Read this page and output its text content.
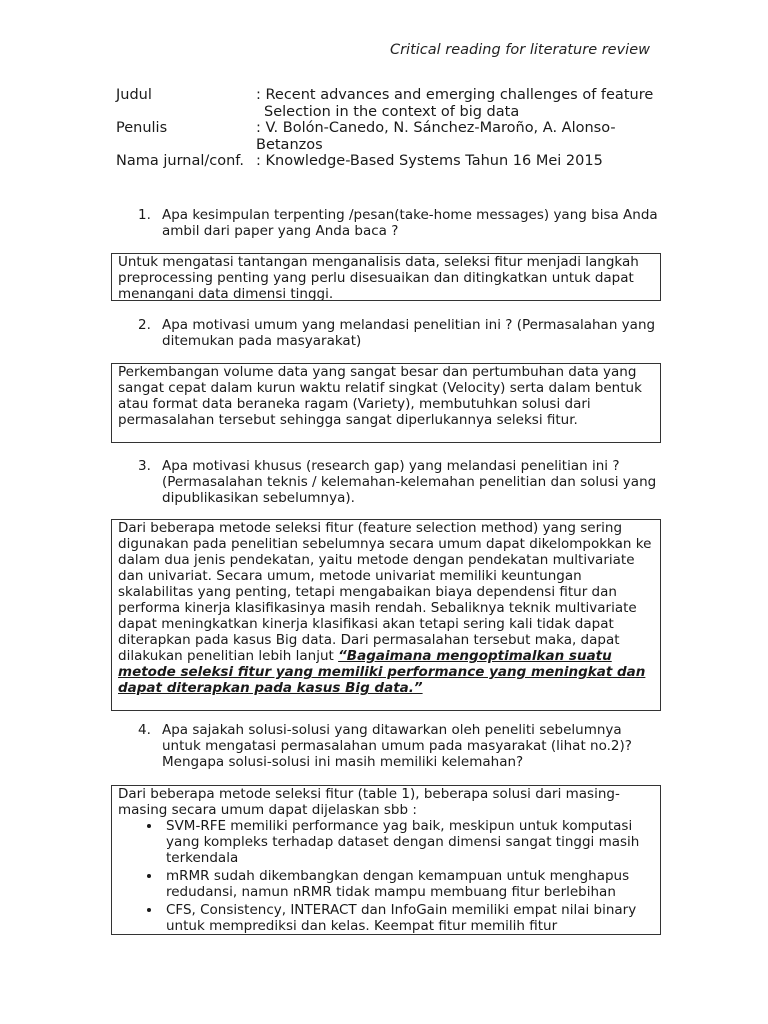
Critical reading for literature review
Judul	: Recent advances and emerging challenges of feature
Selection in the context of big data
Penulis	: V. Bolón-Canedo, N. Sánchez-Maroño, A. Alonso-Betanzos
Nama jurnal/conf. : Knowledge-Based Systems Tahun 16 Mei 2015
1. Apa kesimpulan terpenting /pesan(take-home messages) yang bisa Anda ambil dari paper yang Anda baca ?
Untuk mengatasi tantangan menganalisis data, seleksi fitur menjadi langkah preprocessing penting yang perlu disesuaikan dan ditingkatkan untuk dapat menangani data dimensi tinggi.
2. Apa motivasi umum yang melandasi penelitian ini ? (Permasalahan yang ditemukan pada masyarakat)
Perkembangan volume data yang sangat besar dan pertumbuhan data yang sangat cepat dalam kurun waktu relatif singkat (Velocity) serta dalam bentuk atau format data beraneka ragam (Variety), membutuhkan solusi dari permasalahan tersebut sehingga sangat diperlukannya seleksi fitur.
3. Apa motivasi khusus (research gap) yang melandasi penelitian ini ? (Permasalahan teknis / kelemahan-kelemahan penelitian dan solusi yang dipublikasikan sebelumnya).
Dari beberapa metode seleksi fitur (feature selection method) yang sering digunakan pada penelitian sebelumnya secara umum dapat dikelompokkan ke dalam dua jenis pendekatan, yaitu metode dengan pendekatan multivariate dan univariat. Secara umum, metode univariat memiliki keuntungan skalabilitas yang penting, tetapi mengabaikan biaya dependensi fitur dan performa kinerja klasifikasinya masih rendah. Sebaliknya teknik multivariate dapat meningkatkan kinerja klasifikasi akan tetapi sering kali tidak dapat diterapkan pada kasus Big data. Dari permasalahan tersebut maka, dapat dilakukan penelitian lebih lanjut “Bagaimana mengoptimalkan suatu metode seleksi fitur yang memiliki performance yang meningkat dan dapat diterapkan pada kasus Big data.”
4. Apa sajakah solusi-solusi yang ditawarkan oleh peneliti sebelumnya untuk mengatasi permasalahan umum pada masyarakat (lihat no.2)? Mengapa solusi-solusi ini masih memiliki kelemahan?
Dari beberapa metode seleksi fitur (table 1), beberapa solusi dari masing-masing secara umum dapat dijelaskan sbb :
• SVM-RFE memiliki performance yag baik, meskipun untuk komputasi yang kompleks terhadap dataset dengan dimensi sangat tinggi masih terkendala
• mRMR sudah dikembangkan dengan kemampuan untuk menghapus redudansi, namun nRMR tidak mampu membuang fitur berlebihan
• CFS, Consistency, INTERACT dan InfoGain memiliki empat nilai binary untuk memprediksi dan kelas. Keempat fitur memilih fitur
